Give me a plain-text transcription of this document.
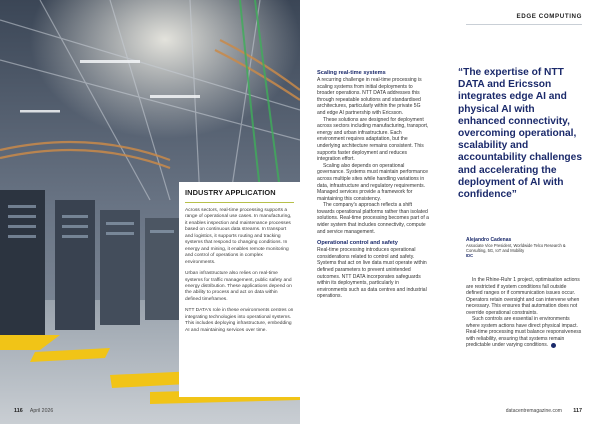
INDUSTRY APPLICATION

Across sectors, real-time processing supports a range of operational use cases. In manufacturing, it enables inspection and maintenance processes based on continuous data streams. In transport and logistics, it supports routing and tracking systems that respond to changing conditions. In energy and mining, it enables remote monitoring and control of operations in complex environments.

Urban infrastructure also relies on real-time systems for traffic management, public safety and energy distribution. These applications depend on the ability to process and act on data within defined timeframes.

NTT DATA's role in these environments centres on integrating technologies into operational systems. This includes deploying infrastructure, embedding AI and maintaining services over time.

116 April 2026
EDGE COMPUTING
Scaling real-time systems

A recurring challenge in real-time processing is scaling systems from initial deployments to broader operations. NTT DATA addresses this through repeatable solutions and standardised architectures, particularly within the private 5G and edge AI partnership with Ericsson.

These solutions are designed for deployment across sectors including manufacturing, transport, energy and urban infrastructure. Each environment requires adaptation, but the underlying architecture remains consistent. This supports faster deployment and reduces integration effort.

Scaling also depends on operational governance. Systems must maintain performance across multiple sites while handling variations in data, infrastructure and regulatory requirements. Managed services provide a framework for maintaining this consistency.

The company's approach reflects a shift towards operational platforms rather than isolated solutions. Real-time processing becomes part of a wider system that includes connectivity, compute and service management.

Operational control and safety

Real-time processing introduces operational considerations related to control and safety. Systems that act on live data must operate within defined parameters to prevent unintended outcomes. NTT DATA incorporates safeguards within its deployments, particularly in environments such as data centres and industrial operations.

“The expertise of NTT DATA and Ericsson integrates edge AI and physical AI with enhanced connectivity, overcoming operational, scalability and accountability challenges and accelerating the deployment of AI with confidence”
Alejandro Cadenas
Associate Vice President, Worldwide Telco Research & Consulting, 5G, IoT and Mobility
IDC

In the Rhine-Ruhr 1 project, optimisation actions are restricted if system conditions fall outside defined ranges or if communication issues occur. Operators retain oversight and can intervene when necessary. This ensures that automation does not override operational constraints.

Such controls are essential in environments where system actions have direct physical impact. Real-time processing must balance responsiveness with reliability, ensuring that systems remain predictable under varying conditions.

datacentremagazine.com 117
